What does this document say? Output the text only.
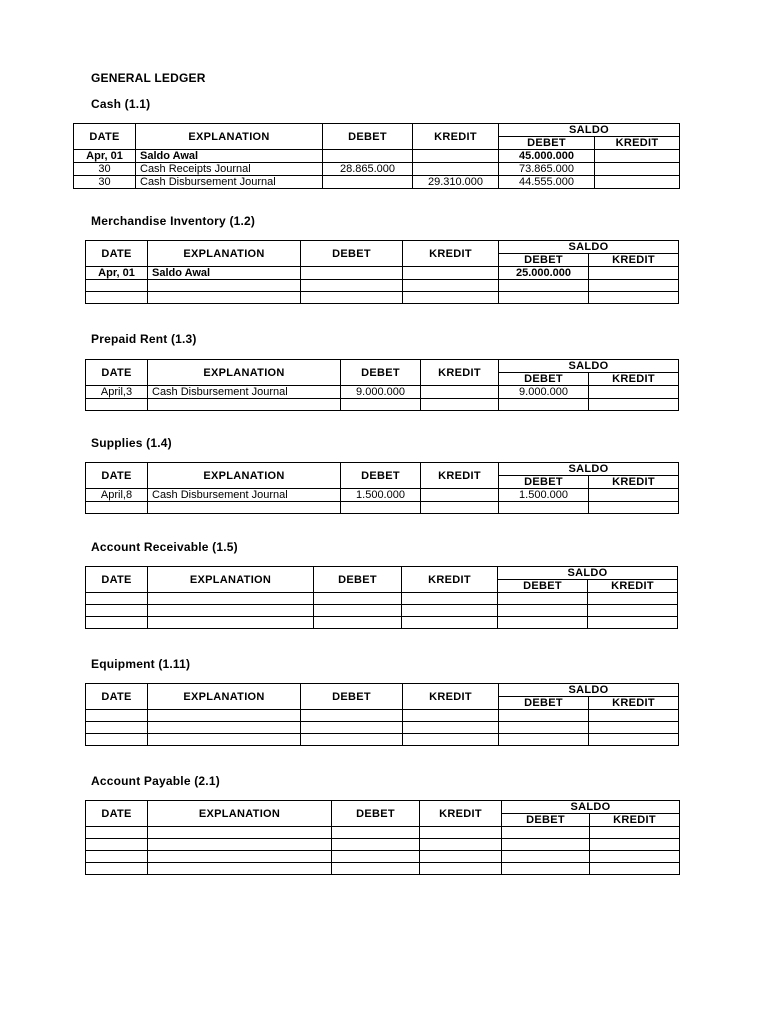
GENERAL LEDGER
Cash (1.1)
DATE	EXPLANATION	DEBET	KREDIT	SALDO	
				DEBET	KREDIT
Apr, 01	Saldo Awal			45.000.000	
30	Cash Receipts Journal	28.865.000		73.865.000	
30	Cash Disbursement Journal		29.310.000	44.555.000	
Merchandise Inventory (1.2)
DATE	EXPLANATION	DEBET	KREDIT	SALDO	
				DEBET	KREDIT
Apr, 01	Saldo Awal			25.000.000	

Prepaid Rent (1.3)
DATE	EXPLANATION	DEBET	KREDIT	SALDO	
				DEBET	KREDIT
April,3	Cash Disbursement Journal	9.000.000		9.000.000	

Supplies (1.4)
DATE	EXPLANATION	DEBET	KREDIT	SALDO	
				DEBET	KREDIT
April,8	Cash Disbursement Journal	1.500.000		1.500.000	

Account Receivable (1.5)
DATE	EXPLANATION	DEBET	KREDIT	SALDO	
				DEBET	KREDIT

Equipment (1.11)
DATE	EXPLANATION	DEBET	KREDIT	SALDO	
				DEBET	KREDIT

Account Payable (2.1)
DATE	EXPLANATION	DEBET	KREDIT	SALDO	
				DEBET	KREDIT
